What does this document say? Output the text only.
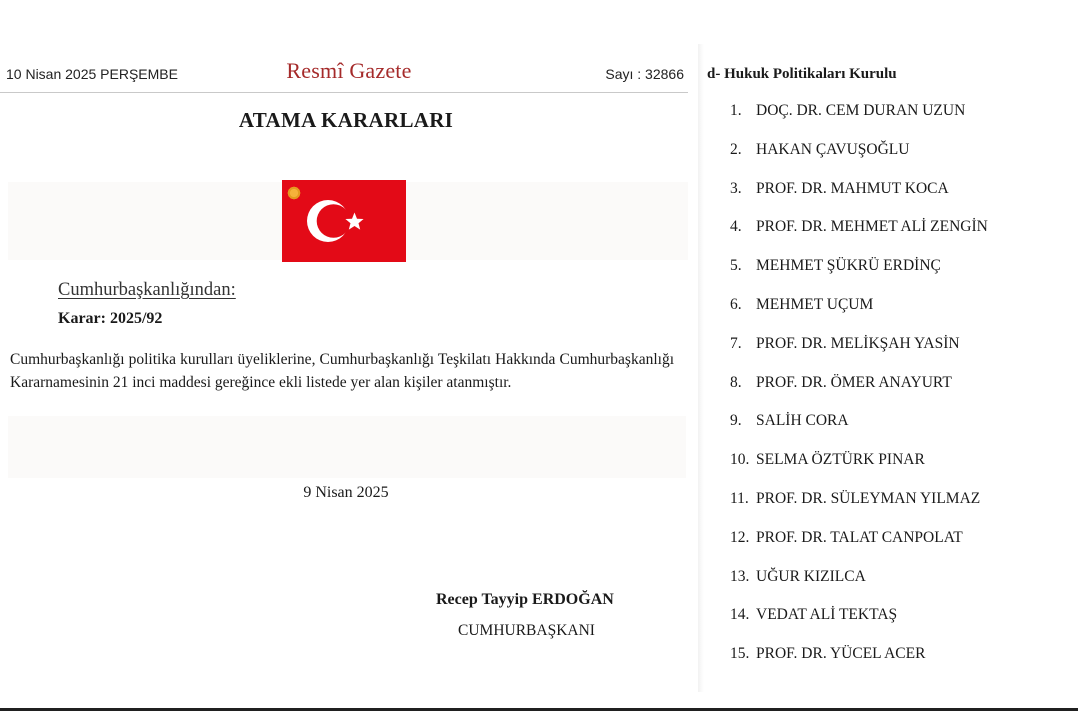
10 Nisan 2025 PERŞEMBE	Resmî Gazete	Sayı : 32866
ATAMA KARARLARI
Cumhurbaşkanlığından:
Karar: 2025/92
Cumhurbaşkanlığı politika kurulları üyeliklerine, Cumhurbaşkanlığı Teşkilatı Hakkında Cumhurbaşkanlığı Kararnamesinin 21 inci maddesi gereğince ekli listede yer alan kişiler atanmıştır.
9 Nisan 2025
Recep Tayyip ERDOĞAN
CUMHURBAŞKANI
d- Hukuk Politikaları Kurulu
1. DOÇ. DR. CEM DURAN UZUN
2. HAKAN ÇAVUŞOĞLU
3. PROF. DR. MAHMUT KOCA
4. PROF. DR. MEHMET ALİ ZENGİN
5. MEHMET ŞÜKRÜ ERDİNÇ
6. MEHMET UÇUM
7. PROF. DR. MELİKŞAH YASİN
8. PROF. DR. ÖMER ANAYURT
9. SALİH CORA
10. SELMA ÖZTÜRK PINAR
11. PROF. DR. SÜLEYMAN YILMAZ
12. PROF. DR. TALAT CANPOLAT
13. UĞUR KIZILCA
14. VEDAT ALİ TEKTAŞ
15. PROF. DR. YÜCEL ACER
